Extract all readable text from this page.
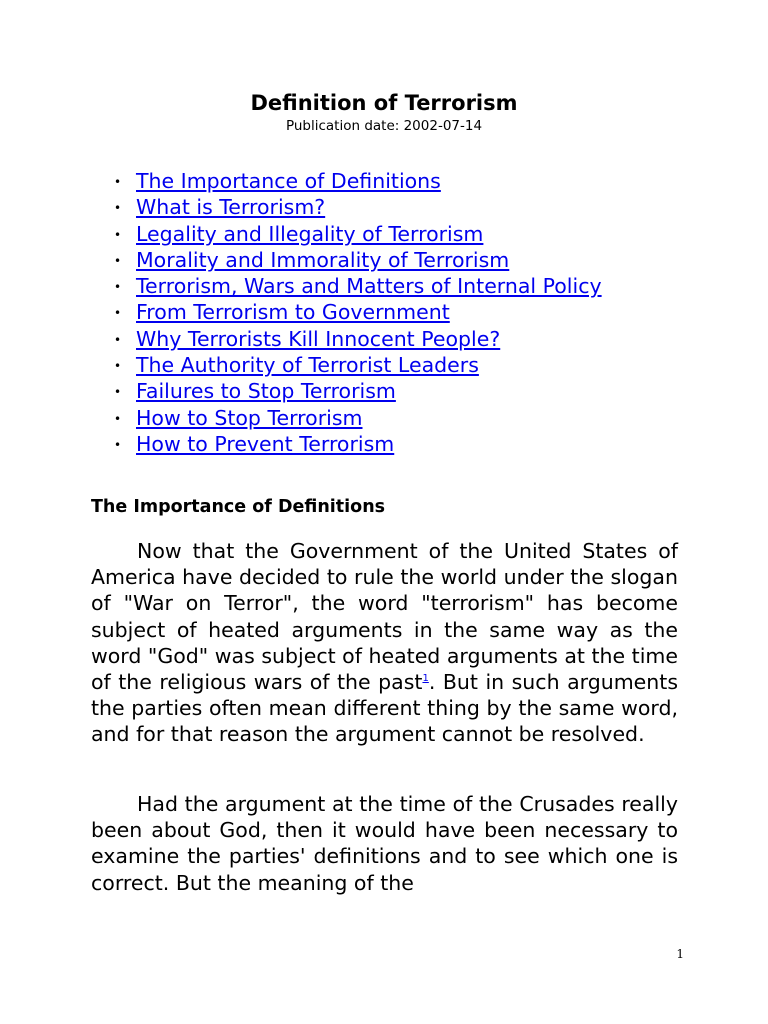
Definition of Terrorism
Publication date: 2002-07-14
• The Importance of Definitions
• What is Terrorism?
• Legality and Illegality of Terrorism
• Morality and Immorality of Terrorism
• Terrorism, Wars and Matters of Internal Policy
• From Terrorism to Government
• Why Terrorists Kill Innocent People?
• The Authority of Terrorist Leaders
• Failures to Stop Terrorism
• How to Stop Terrorism
• How to Prevent Terrorism
The Importance of Definitions

Now that the Government of the United States of America have decided to rule the world under the slogan of "War on Terror", the word "terrorism" has become subject of heated arguments in the same way as the word "God" was subject of heated arguments at the time of the religious wars of the past$^1$. But in such arguments the parties often mean different thing by the same word, and for that reason the argument cannot be resolved.

Had the argument at the time of the Crusades really been about God, then it would have been necessary to examine the parties' definitions and to see which one is correct. But the meaning of the

1
